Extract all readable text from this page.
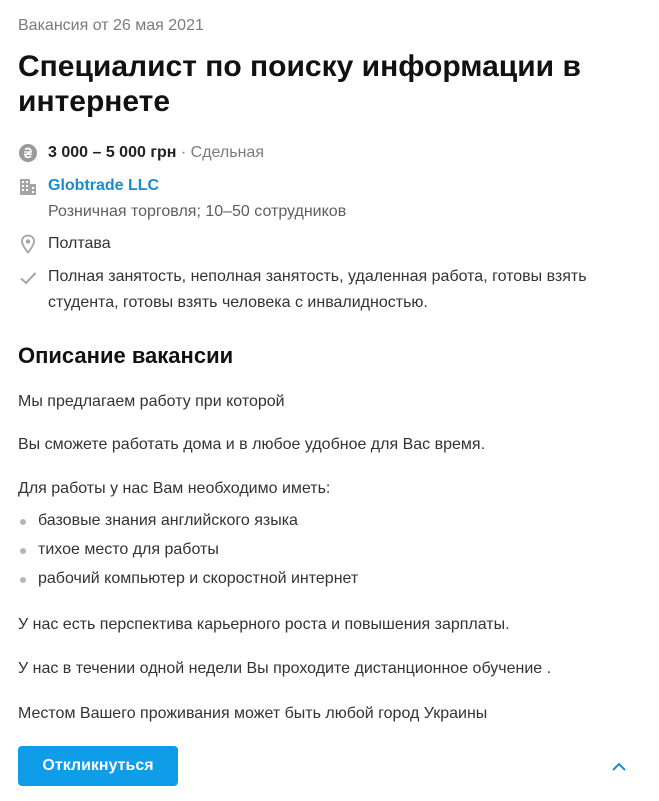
Вакансия от 26 мая 2021
Специалист по поиску информации в интернете
3 000 – 5 000 грн · Сдельная
Globtrade LLC
Розничная торговля; 10–50 сотрудников
Полтава
Полная занятость, неполная занятость, удаленная работа, готовы взять
студента, готовы взять человека с инвалидностью.
Описание вакансии

Мы предлагаем работу при которой

Вы сможете работать дома и в любое удобное для Вас время.

Для работы у нас Вам необходимо иметь:

базовые знания английского языка
тихое место для работы
рабочий компьютер и скоростной интернет

У нас есть перспектива карьерного роста и повышения зарплаты.

У нас в течении одной недели Вы проходите дистанционное обучение .

Местом Вашего проживания может быть любой город Украины

Откликнуться
